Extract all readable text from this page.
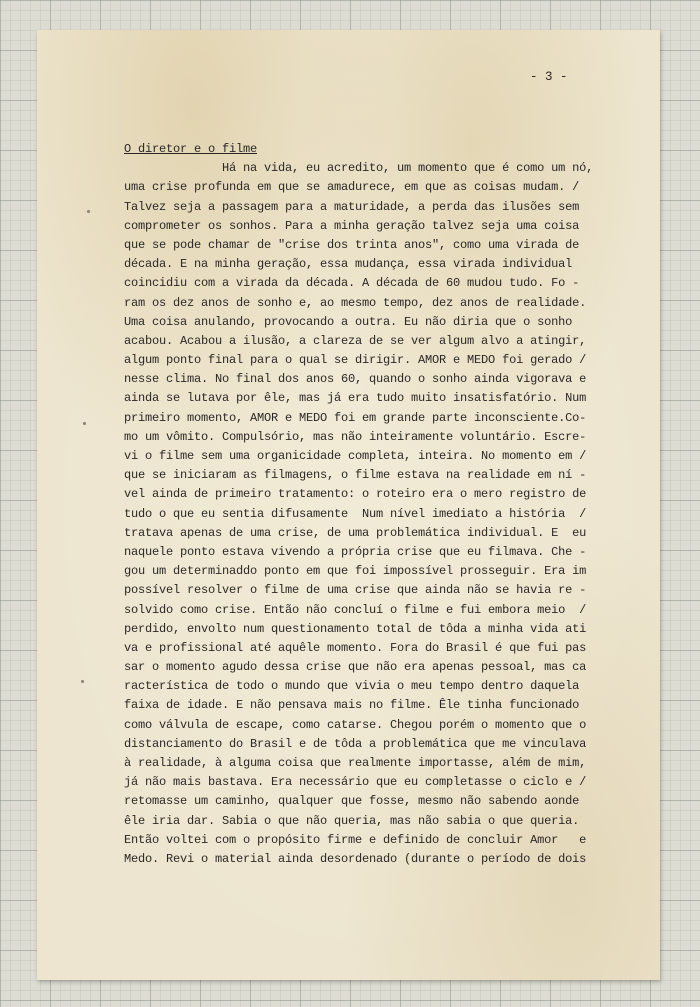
- 3 -
O diretor e o filme
Há na vida, eu acredito, um momento que é como um nó,
uma crise profunda em que se amadurece, em que as coisas mudam. /
Talvez seja a passagem para a maturidade, a perda das ilusões sem
comprometer os sonhos. Para a minha geração talvez seja uma coisa
que se pode chamar de "crise dos trinta anos", como uma virada de
década. E na minha geração, essa mudança, essa virada individual
coincidiu com a virada da década. A década de 60 mudou tudo. Fo -
ram os dez anos de sonho e, ao mesmo tempo, dez anos de realidade.
Uma coisa anulando, provocando a outra. Eu não diria que o sonho
acabou. Acabou a ilusão, a clareza de se ver algum alvo a atingir,
algum ponto final para o qual se dirigir. AMOR e MEDO foi gerado /
nesse clima. No final dos anos 60, quando o sonho ainda vigorava e
ainda se lutava por êle, mas já era tudo muito insatisfatório. Num
primeiro momento, AMOR e MEDO foi em grande parte inconsciente.Co-
mo um vômito. Compulsório, mas não inteiramente voluntário. Escre-
vi o filme sem uma organicidade completa, inteira. No momento em /
que se iniciaram as filmagens, o filme estava na realidade em ní -
vel ainda de primeiro tratamento: o roteiro era o mero registro de
tudo o que eu sentia difusamente  Num nível imediato a história  /
tratava apenas de uma crise, de uma problemática individual. E  eu
naquele ponto estava vivendo a própria crise que eu filmava. Che -
gou um determinaddo ponto em que foi impossível prosseguir. Era im
possível resolver o filme de uma crise que ainda não se havia re -
solvido como crise. Então não concluí o filme e fui embora meio  /
perdido, envolto num questionamento total de tôda a minha vida ati
va e profissional até aquêle momento. Fora do Brasil é que fui pas
sar o momento agudo dessa crise que não era apenas pessoal, mas ca
racterística de todo o mundo que vivia o meu tempo dentro daquela
faixa de idade. E não pensava mais no filme. Êle tinha funcionado
como válvula de escape, como catarse. Chegou porém o momento que o
distanciamento do Brasil e de tôda a problemática que me vinculava
à realidade, à alguma coisa que realmente importasse, além de mim,
já não mais bastava. Era necessário que eu completasse o ciclo e /
retomasse um caminho, qualquer que fosse, mesmo não sabendo aonde
êle iria dar. Sabia o que não queria, mas não sabia o que queria.
Então voltei com o propósito firme e definido de concluir Amor   e
Medo. Revi o material ainda desordenado (durante o período de dois
